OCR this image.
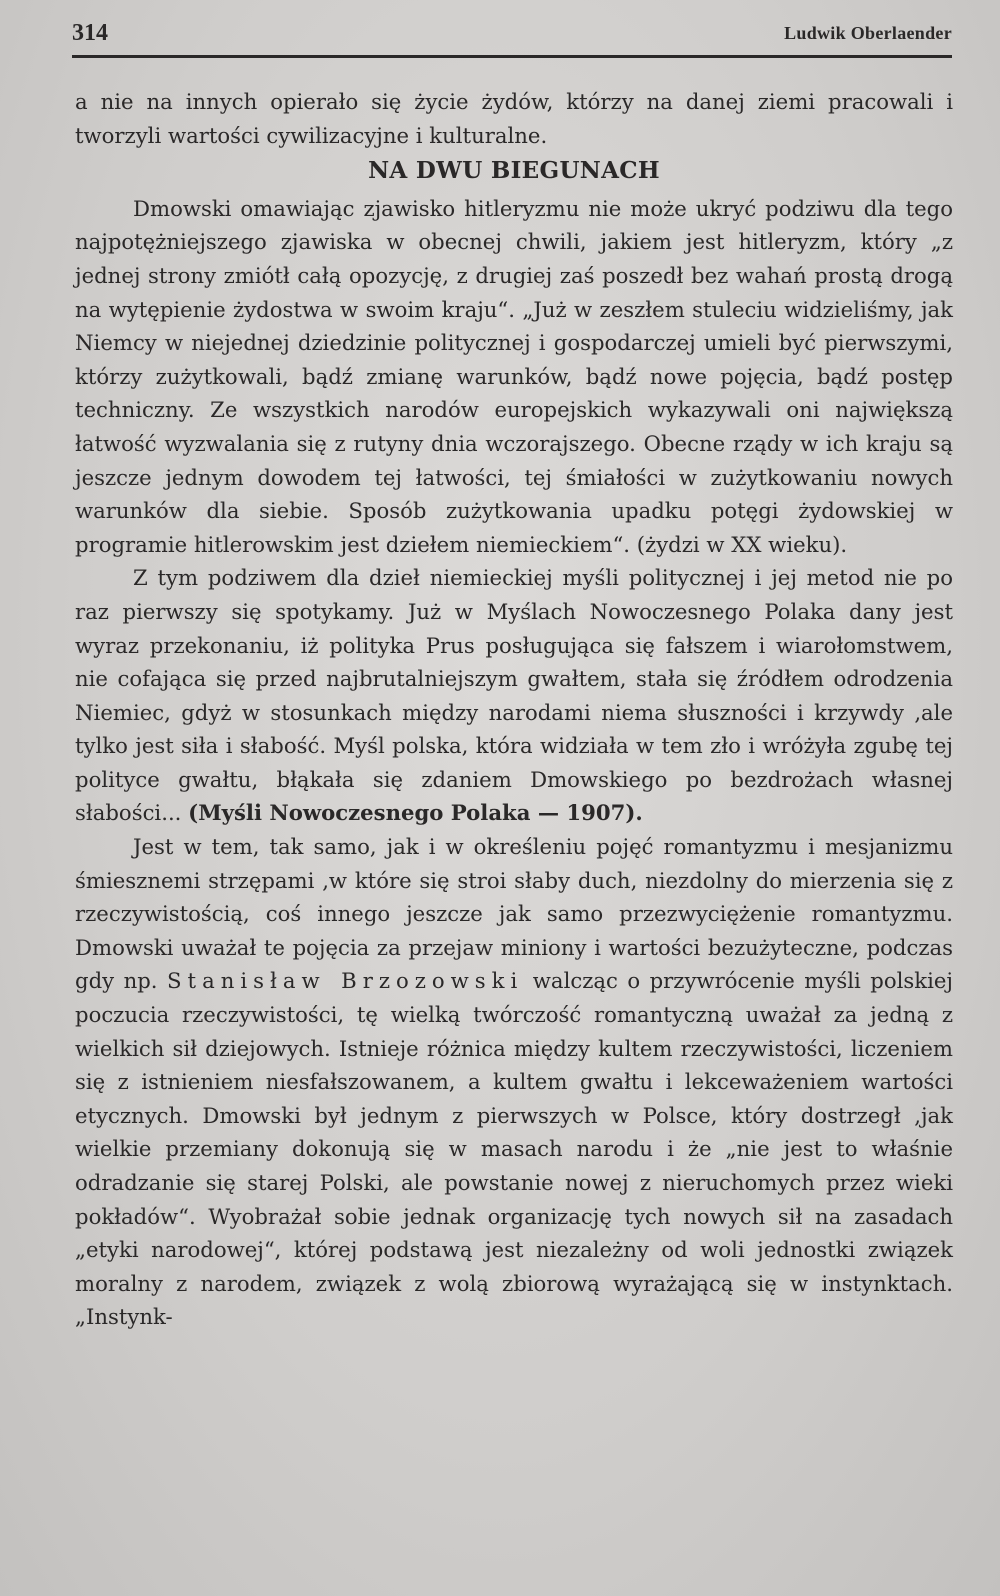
314	Ludwik Oberlaender

a nie na innych opierało się życie żydów, którzy na danej ziemi pracowali i tworzyli wartości cywilizacyjne i kulturalne.

NA DWU BIEGUNACH

Dmowski omawiając zjawisko hitleryzmu nie może ukryć podziwu dla tego najpotężniejszego zjawiska w obecnej chwili, jakiem jest hitleryzm, który „z jednej strony zmiótł całą opozycję, z drugiej zaś poszedł bez wahań prostą drogą na wytępienie żydostwa w swoim kraju“. „Już w zeszłem stuleciu widzieliśmy, jak Niemcy w niejednej dziedzinie politycznej i gospodarczej umieli być pierwszymi, którzy zużytkowali, bądź zmianę warunków, bądź nowe pojęcia, bądź postęp techniczny. Ze wszystkich narodów europejskich wykazywali oni największą łatwość wyzwalania się z rutyny dnia wczorajszego. Obecne rządy w ich kraju są jeszcze jednym dowodem tej łatwości, tej śmiałości w zużytkowaniu nowych warunków dla siebie. Sposób zużytkowania upadku potęgi żydowskiej w programie hitlerowskim jest dziełem niemieckiem“. (żydzi w XX wieku).

Z tym podziwem dla dzieł niemieckiej myśli politycznej i jej metod nie po raz pierwszy się spotykamy. Już w Myślach Nowoczesnego Polaka dany jest wyraz przekonaniu, iż polityka Prus posługująca się fałszem i wiarołomstwem, nie cofająca się przed najbrutalniejszym gwałtem, stała się źródłem odrodzenia Niemiec, gdyż w stosunkach między narodami niema słuszności i krzywdy ,ale tylko jest siła i słabość. Myśl polska, która widziała w tem zło i wróżyła zgubę tej polityce gwałtu, błąkała się zdaniem Dmowskiego po bezdrożach własnej słabości... (Myśli Nowoczesnego Polaka — 1907).

Jest w tem, tak samo, jak i w określeniu pojęć romantyzmu i mesjanizmu śmiesznemi strzępami ,w które się stroi słaby duch, niezdolny do mierzenia się z rzeczywistością, coś innego jeszcze jak samo przezwyciężenie romantyzmu. Dmowski uważał te pojęcia za przejaw miniony i wartości bezużyteczne, podczas gdy np. Stanisław Brzozowski walcząc o przywrócenie myśli polskiej poczucia rzeczywistości, tę wielką twórczość romantyczną uważał za jedną z wielkich sił dziejowych. Istnieje różnica między kultem rzeczywistości, liczeniem się z istnieniem niesfałszowanem, a kultem gwałtu i lekceważeniem wartości etycznych. Dmowski był jednym z pierwszych w Polsce, który dostrzegł ,jak wielkie przemiany dokonują się w masach narodu i że „nie jest to właśnie odradzanie się starej Polski, ale powstanie nowej z nieruchomych przez wieki pokładów“. Wyobrażał sobie jednak organizację tych nowych sił na zasadach „etyki narodowej“, której podstawą jest niezależny od woli jednostki związek moralny z narodem, związek z wolą zbiorową wyrażającą się w instynktach. „Instynk-
